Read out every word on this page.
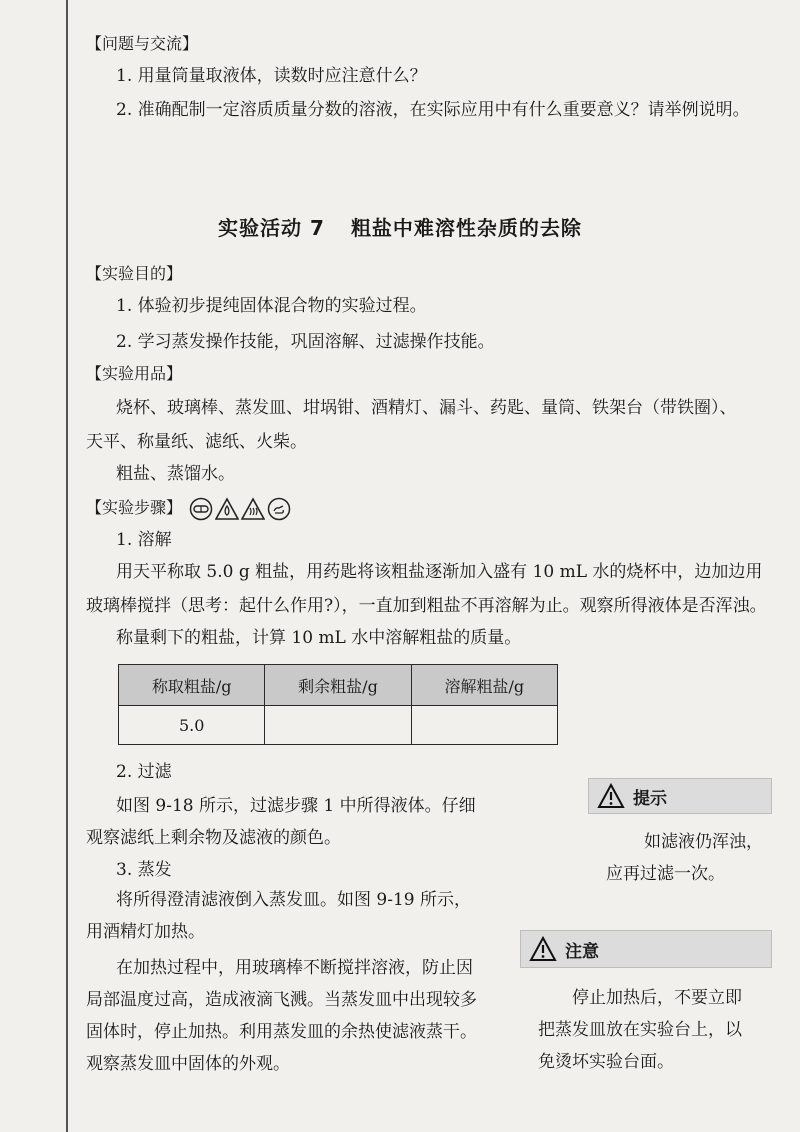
【问题与交流】
1. 用量筒量取液体，读数时应注意什么？
2. 准确配制一定溶质质量分数的溶液，在实际应用中有什么重要意义？请举例说明。
实验活动 7 粗盐中难溶性杂质的去除
【实验目的】
1. 体验初步提纯固体混合物的实验过程。
2. 学习蒸发操作技能，巩固溶解、过滤操作技能。
【实验用品】
烧杯、玻璃棒、蒸发皿、坩埚钳、酒精灯、漏斗、药匙、量筒、铁架台（带铁圈）、
天平、称量纸、滤纸、火柴。
粗盐、蒸馏水。
【实验步骤】
1. 溶解
用天平称取 5.0 g 粗盐，用药匙将该粗盐逐渐加入盛有 10 mL 水的烧杯中，边加边用
玻璃棒搅拌（思考：起什么作用?），一直加到粗盐不再溶解为止。观察所得液体是否浑浊。
称量剩下的粗盐，计算 10 mL 水中溶解粗盐的质量。
称取粗盐/g	剩余粗盐/g	溶解粗盐/g
5.0		
2. 过滤
如图 9-18 所示，过滤步骤 1 中所得液体。仔细
观察滤纸上剩余物及滤液的颜色。
3. 蒸发
将所得澄清滤液倒入蒸发皿。如图 9-19 所示，
用酒精灯加热。
在加热过程中，用玻璃棒不断搅拌溶液，防止因
局部温度过高，造成液滴飞溅。当蒸发皿中出现较多
固体时，停止加热。利用蒸发皿的余热使滤液蒸干。
观察蒸发皿中固体的外观。
提示
如滤液仍浑浊，
应再过滤一次。
注意
停止加热后，不要立即
把蒸发皿放在实验台上，以
免烫坏实验台面。
